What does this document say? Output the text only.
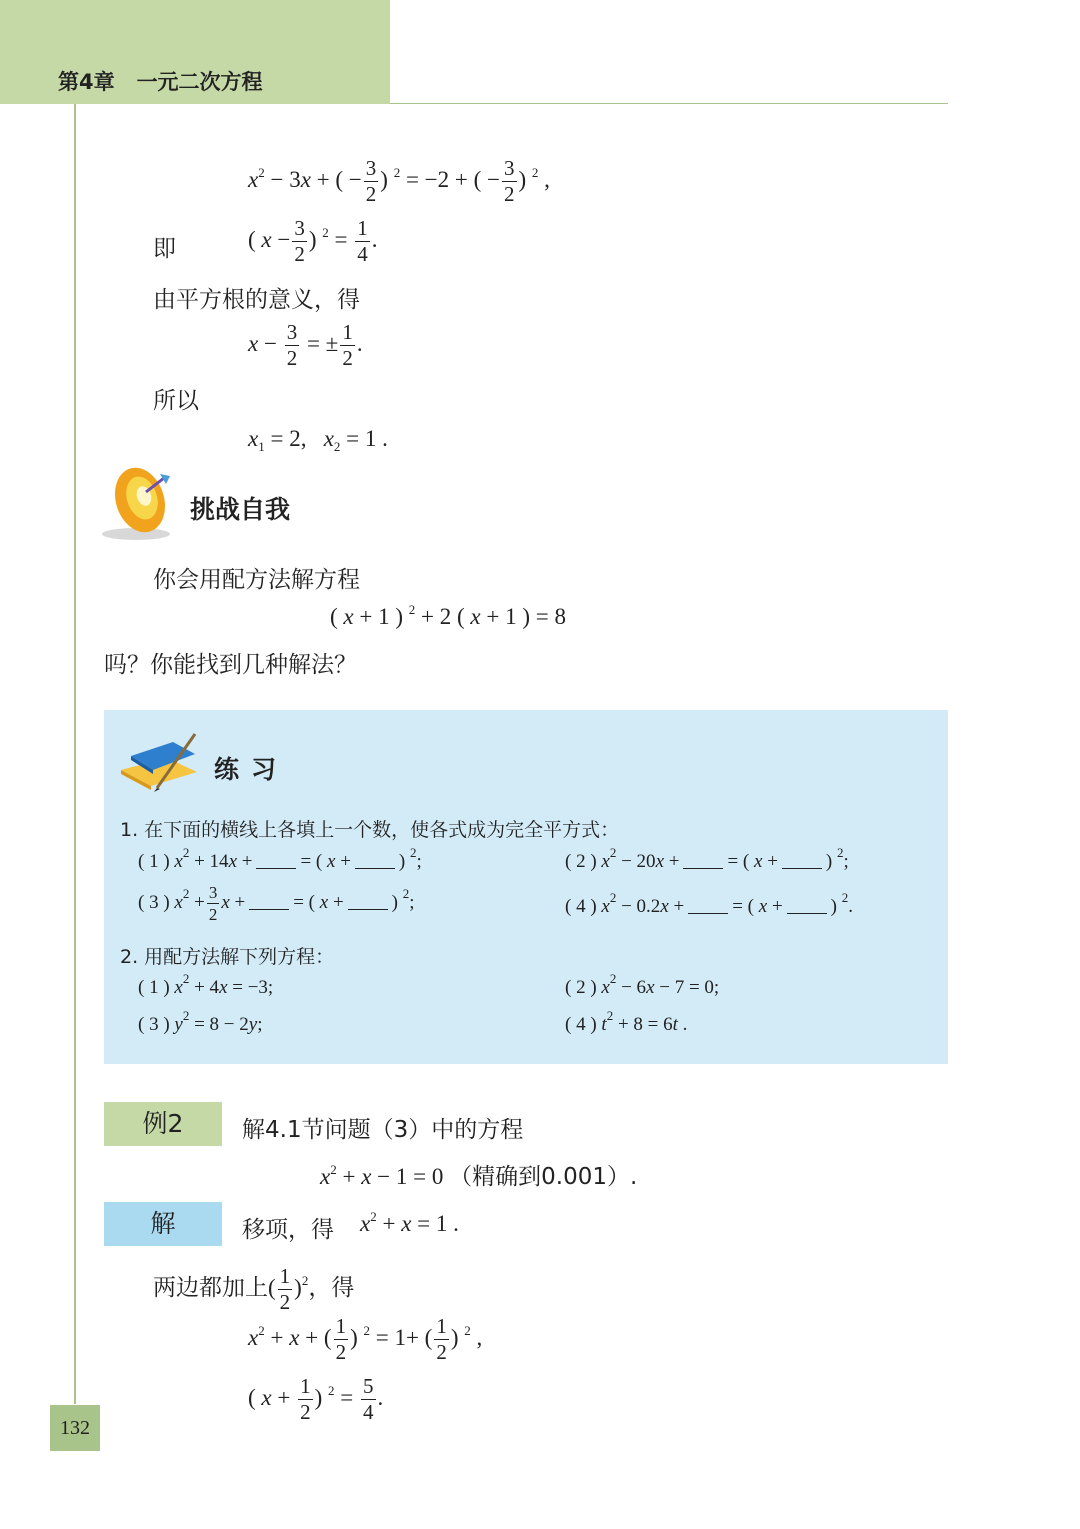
第4章 一元二次方程
$x^2 - 3x$ + ( − $\frac{3}{2}$ ) $^2$ = −2 + ( − $\frac{3}{2}$ ) $^2$ ,
即	( $x - \frac{3}{2}$ ) $^2 = \frac{1}{4}$ .
由平方根的意义，得
$x - \frac{3}{2}$ = ± $\frac{1}{2}$ .
所以
$x_1 = 2$,   $x_2 = 1$ .
挑战自我
你会用配方法解方程
( x + 1 ) $^2$ + 2 ( x + 1 ) = 8
吗？你能找到几种解法？
练习
1. 在下面的横线上各填上一个数，使各式成为完全平方式：
( 1 ) $x^2 + 14x$ +	= ( x +	) $^2$;	( 2 ) $x^2 - 20x$ +	= ( x +	) $^2$;
( 3 ) $x^2 + \frac{3}{2}$ x +	= ( x +	) $^2$;	( 4 ) $x^2 - 0.2x$ +	= ( x +	) $^2$.
2. 用配方法解下列方程：
( 1 ) $x^2 + 4x = -3$;	( 2 ) $x^2 - 6x - 7 = 0$;
( 3 ) $y^2 = 8 - 2y$;	( 4 ) $t^2 + 8 = 6t$ .
例2	解4.1节问题（3）中的方程
$x^2 + x - 1 = 0$ （精确到0.001）.
解	移项，得 $x^2 + x = 1$ .
两边都加上( $\frac{1}{2} )^2$，得
$x^2 + x$ + ( $\frac{1}{2}$ ) $^2$ = 1+ ( $\frac{1}{2}$ ) $^2$ ,
( $x + \frac{1}{2}$ ) $^2 = \frac{5}{4}$ .
132
